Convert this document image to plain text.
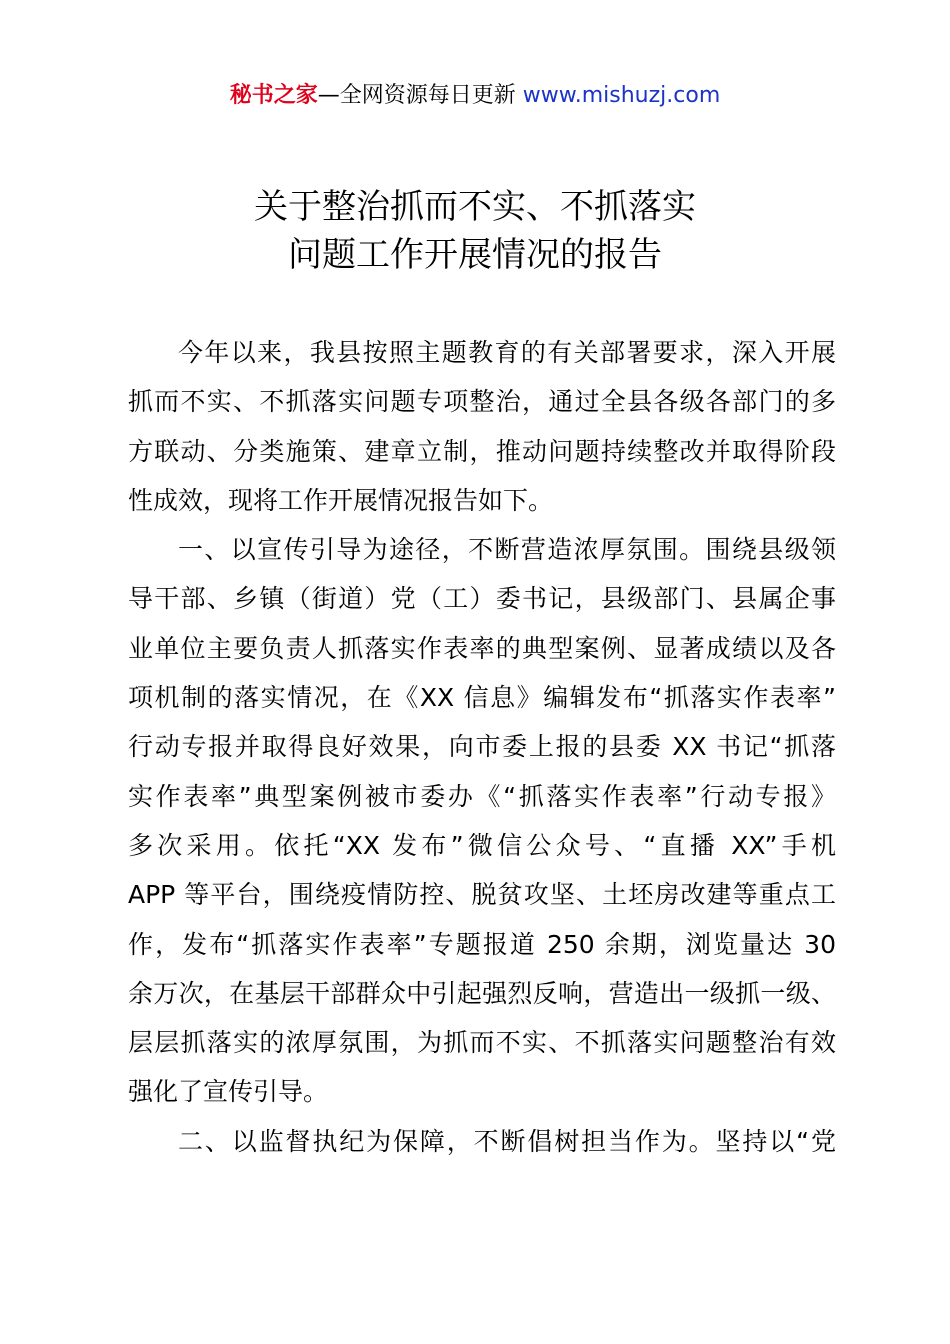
秘书之家—全网资源每日更新 www.mishuzj.com
关于整治抓而不实、不抓落实
问题工作开展情况的报告
今年以来，我县按照主题教育的有关部署要求，深入开展
抓而不实、不抓落实问题专项整治，通过全县各级各部门的多
方联动、分类施策、建章立制，推动问题持续整改并取得阶段
性成效，现将工作开展情况报告如下。
一、以宣传引导为途径，不断营造浓厚氛围。围绕县级领
导干部、乡镇（街道）党（工）委书记，县级部门、县属企事
业单位主要负责人抓落实作表率的典型案例、显著成绩以及各
项机制的落实情况，在《XX 信息》编辑发布“抓落实作表率”
行动专报并取得良好效果，向市委上报的县委 XX 书记“抓落
实作表率”典型案例被市委办《“抓落实作表率”行动专报》
多次采用。依托“XX 发布”微信公众号、“直播 XX”手机
APP 等平台，围绕疫情防控、脱贫攻坚、土坯房改建等重点工
作，发布“抓落实作表率”专题报道 250 余期，浏览量达 30
余万次，在基层干部群众中引起强烈反响，营造出一级抓一级、
层层抓落实的浓厚氛围，为抓而不实、不抓落实问题整治有效
强化了宣传引导。
二、以监督执纪为保障，不断倡树担当作为。坚持以“党
